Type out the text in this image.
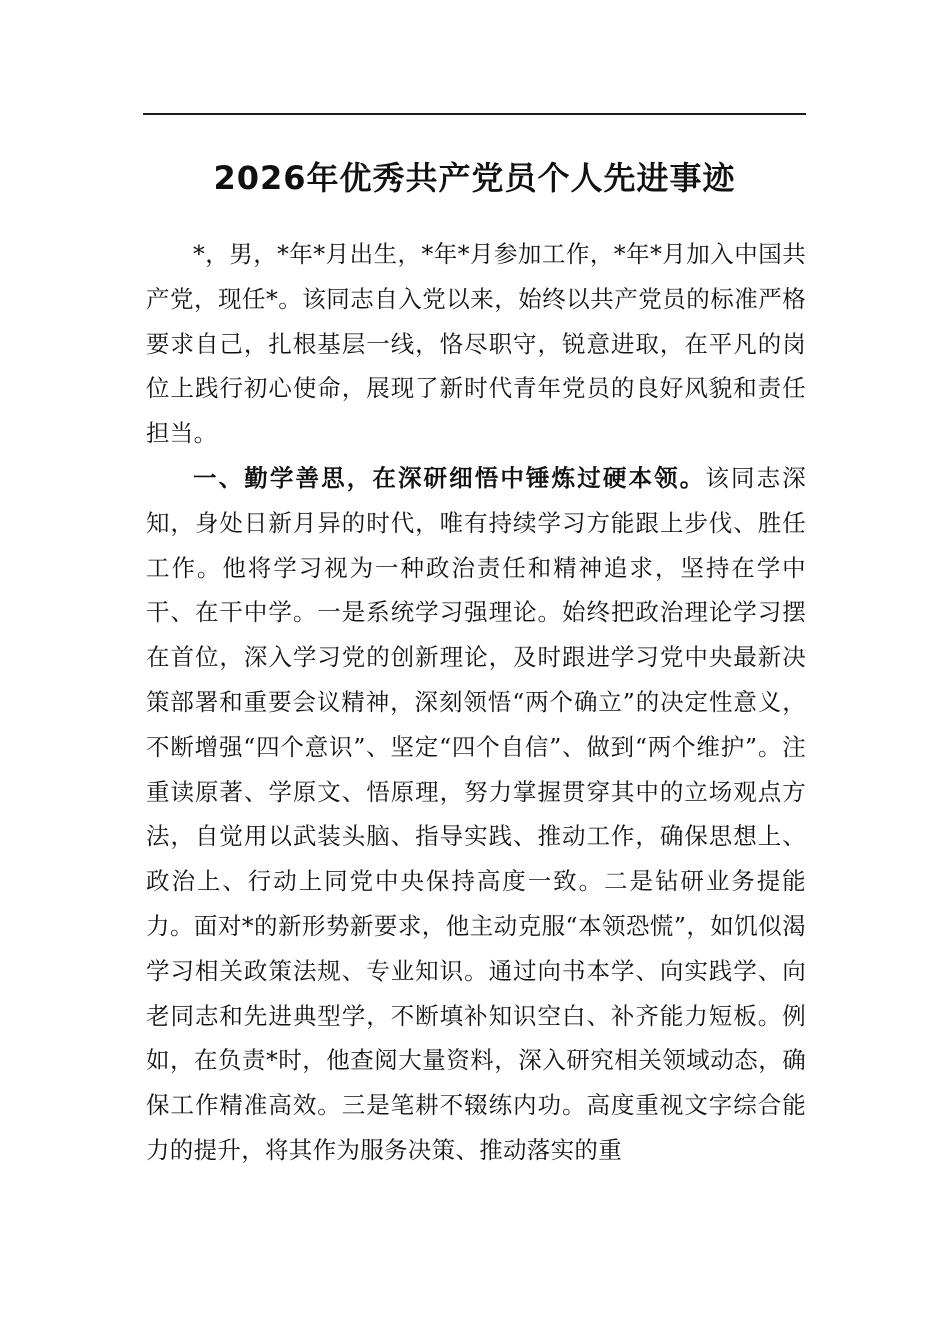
2026年优秀共产党员个人先进事迹

*，男，*年*月出生，*年*月参加工作，*年*月加入中国共产党，现任*。该同志自入党以来，始终以共产党员的标准严格要求自己，扎根基层一线，恪尽职守，锐意进取，在平凡的岗位上践行初心使命，展现了新时代青年党员的良好风貌和责任担当。

一、勤学善思，在深研细悟中锤炼过硬本领。该同志深知，身处日新月异的时代，唯有持续学习方能跟上步伐、胜任工作。他将学习视为一种政治责任和精神追求，坚持在学中干、在干中学。一是系统学习强理论。始终把政治理论学习摆在首位，深入学习党的创新理论，及时跟进学习党中央最新决策部署和重要会议精神，深刻领悟“两个确立”的决定性意义，不断增强“四个意识”、坚定“四个自信”、做到“两个维护”。注重读原著、学原文、悟原理，努力掌握贯穿其中的立场观点方法，自觉用以武装头脑、指导实践、推动工作，确保思想上、政治上、行动上同党中央保持高度一致。二是钻研业务提能力。面对*的新形势新要求，他主动克服“本领恐慌”，如饥似渴学习相关政策法规、专业知识。通过向书本学、向实践学、向老同志和先进典型学，不断填补知识空白、补齐能力短板。例如，在负责*时，他查阅大量资料，深入研究相关领域动态，确保工作精准高效。三是笔耕不辍练内功。高度重视文字综合能力的提升，将其作为服务决策、推动落实的重
